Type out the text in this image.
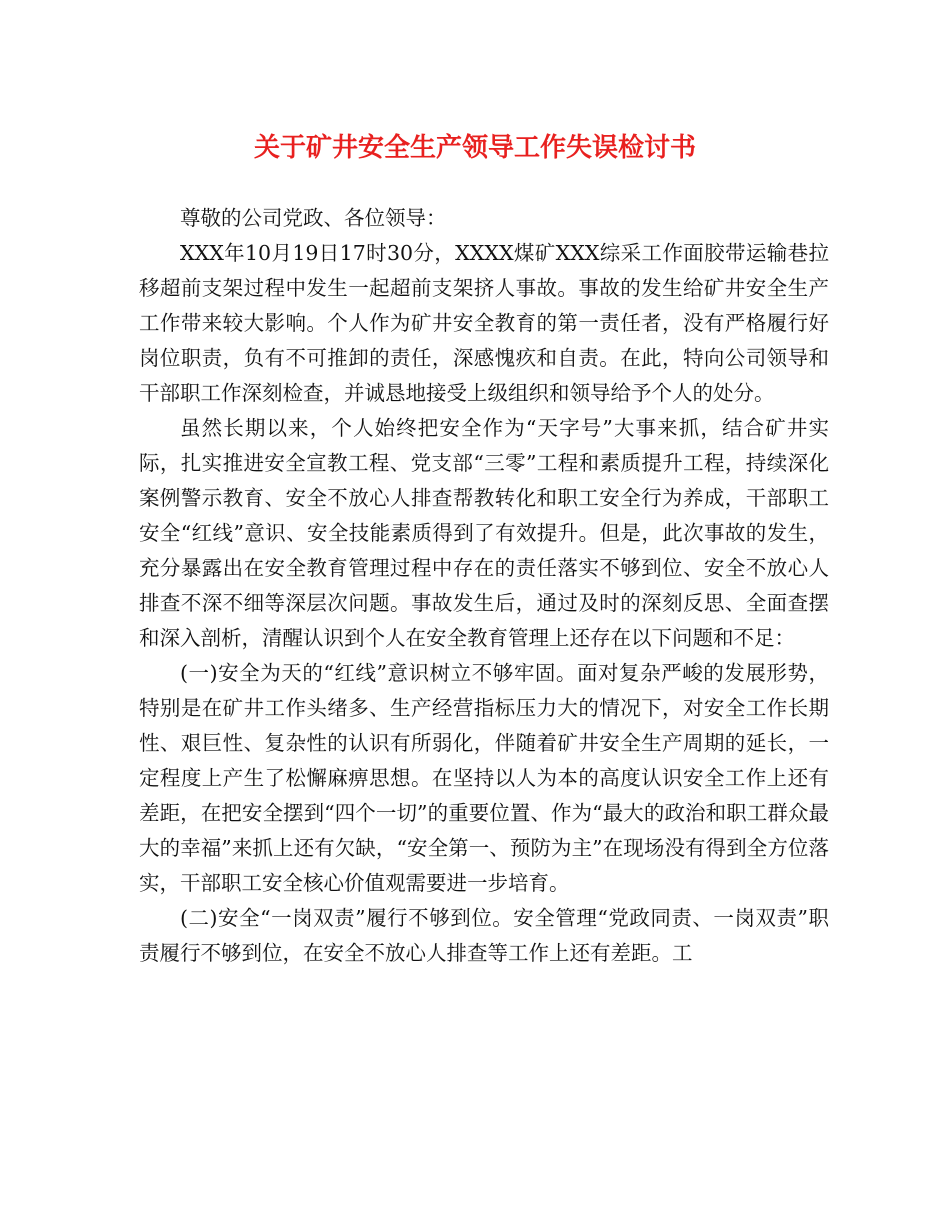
关于矿井安全生产领导工作失误检讨书

尊敬的公司党政、各位领导：

XXX年10月19日17时30分，XXXX煤矿XXX综采工作面胶带运输巷拉移超前支架过程中发生一起超前支架挤人事故。事故的发生给矿井安全生产工作带来较大影响。个人作为矿井安全教育的第一责任者，没有严格履行好岗位职责，负有不可推卸的责任，深感愧疚和自责。在此，特向公司领导和干部职工作深刻检查，并诚恳地接受上级组织和领导给予个人的处分。

虽然长期以来，个人始终把安全作为“天字号”大事来抓，结合矿井实际，扎实推进安全宣教工程、党支部“三零”工程和素质提升工程，持续深化案例警示教育、安全不放心人排查帮教转化和职工安全行为养成，干部职工安全“红线”意识、安全技能素质得到了有效提升。但是，此次事故的发生，充分暴露出在安全教育管理过程中存在的责任落实不够到位、安全不放心人排查不深不细等深层次问题。事故发生后，通过及时的深刻反思、全面查摆和深入剖析，清醒认识到个人在安全教育管理上还存在以下问题和不足：

(一)安全为天的“红线”意识树立不够牢固。面对复杂严峻的发展形势，特别是在矿井工作头绪多、生产经营指标压力大的情况下，对安全工作长期性、艰巨性、复杂性的认识有所弱化，伴随着矿井安全生产周期的延长，一定程度上产生了松懈麻痹思想。在坚持以人为本的高度认识安全工作上还有差距，在把安全摆到“四个一切”的重要位置、作为“最大的政治和职工群众最大的幸福”来抓上还有欠缺，“安全第一、预防为主”在现场没有得到全方位落实，干部职工安全核心价值观需要进一步培育。

(二)安全“一岗双责”履行不够到位。安全管理“党政同责、一岗双责”职责履行不够到位，在安全不放心人排查等工作上还有差距。工
